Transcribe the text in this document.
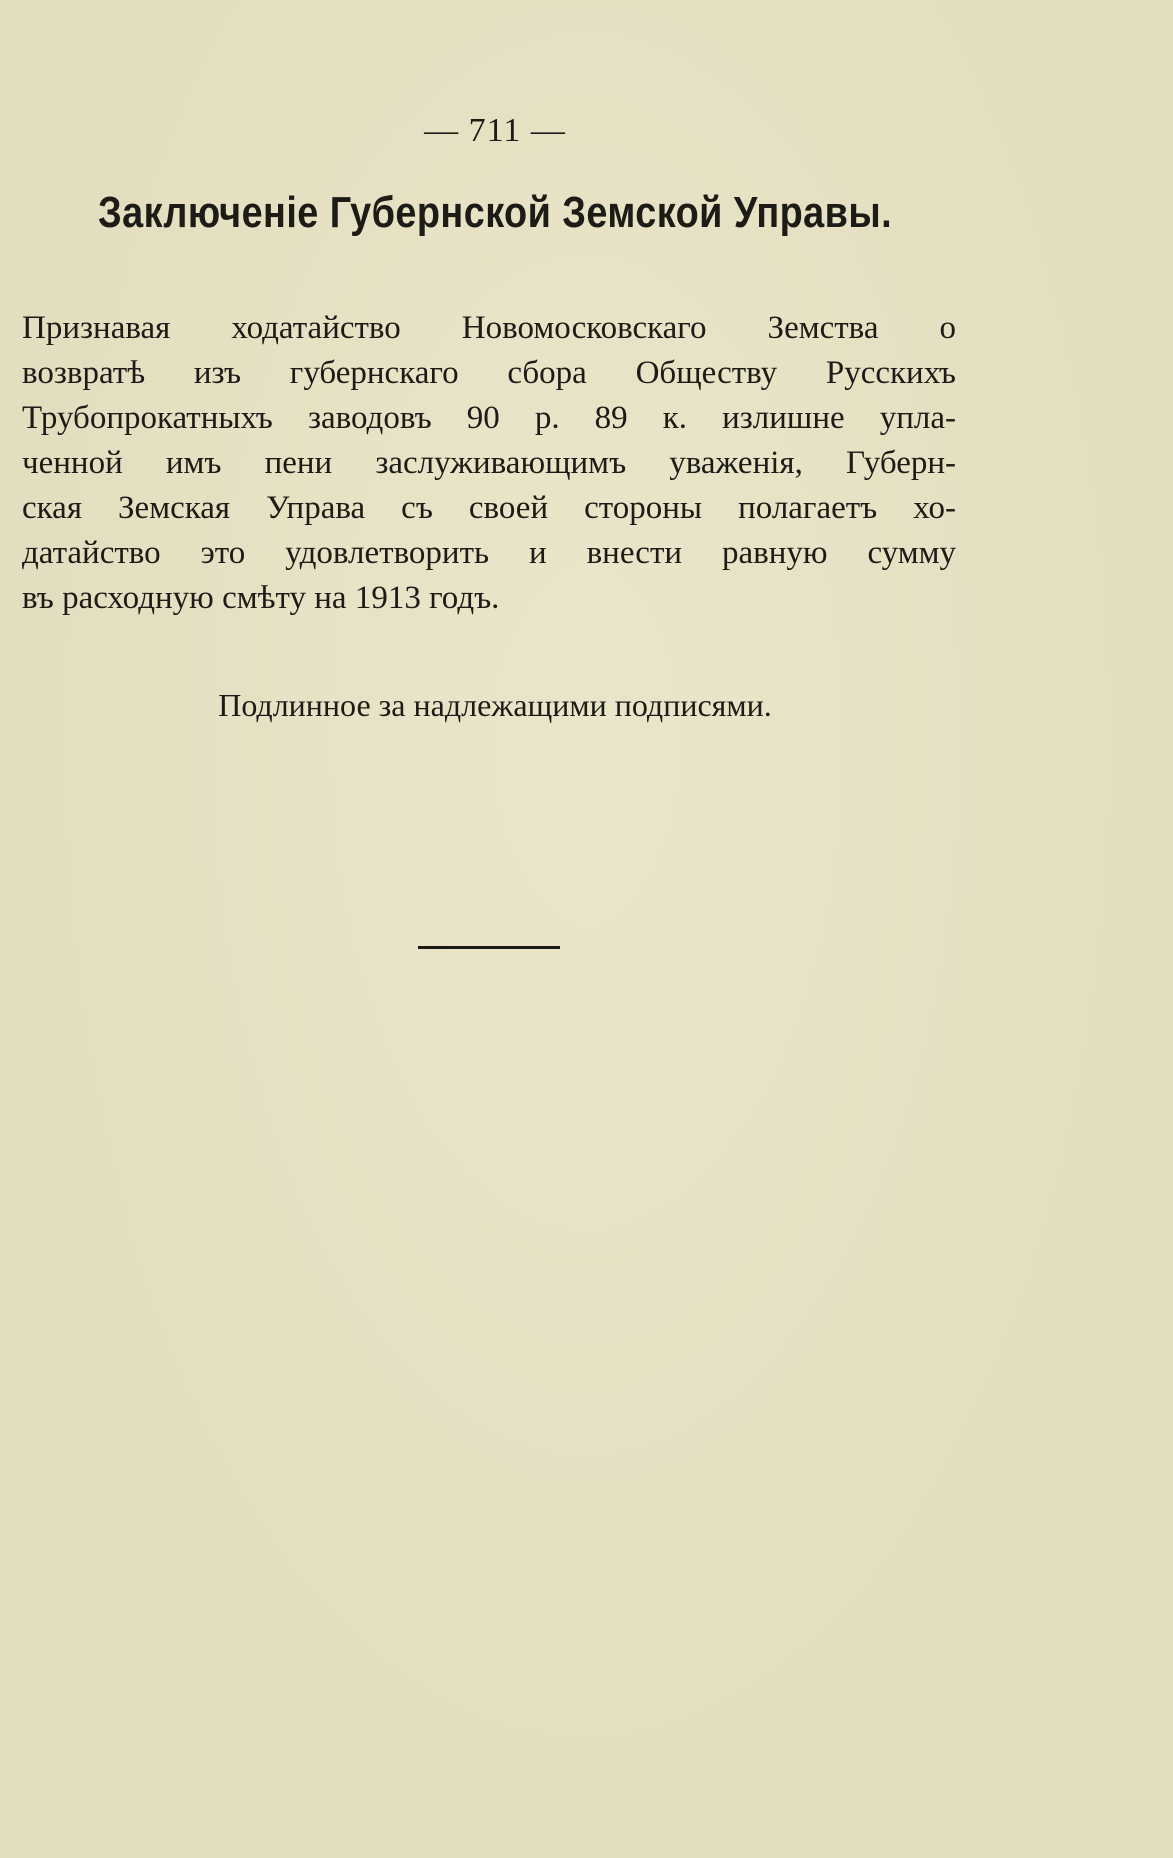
— 711 —
Заключенiе Губернской Земской Управы.
Признавая ходатайство Новомосковскаго Земства о
возвратѣ изъ губернскаго сбора Обществу Русскихъ
Трубопрокатныхъ заводовъ 90 р. 89 к. излишне упла-
ченной имъ пени заслуживающимъ уваженiя, Губерн-
ская Земская Управа съ своей стороны полагаетъ хо-
датайство это удовлетворить и внести равную сумму
въ расходную смѣту на 1913 годъ.
Подлинное за надлежащими подписями.
